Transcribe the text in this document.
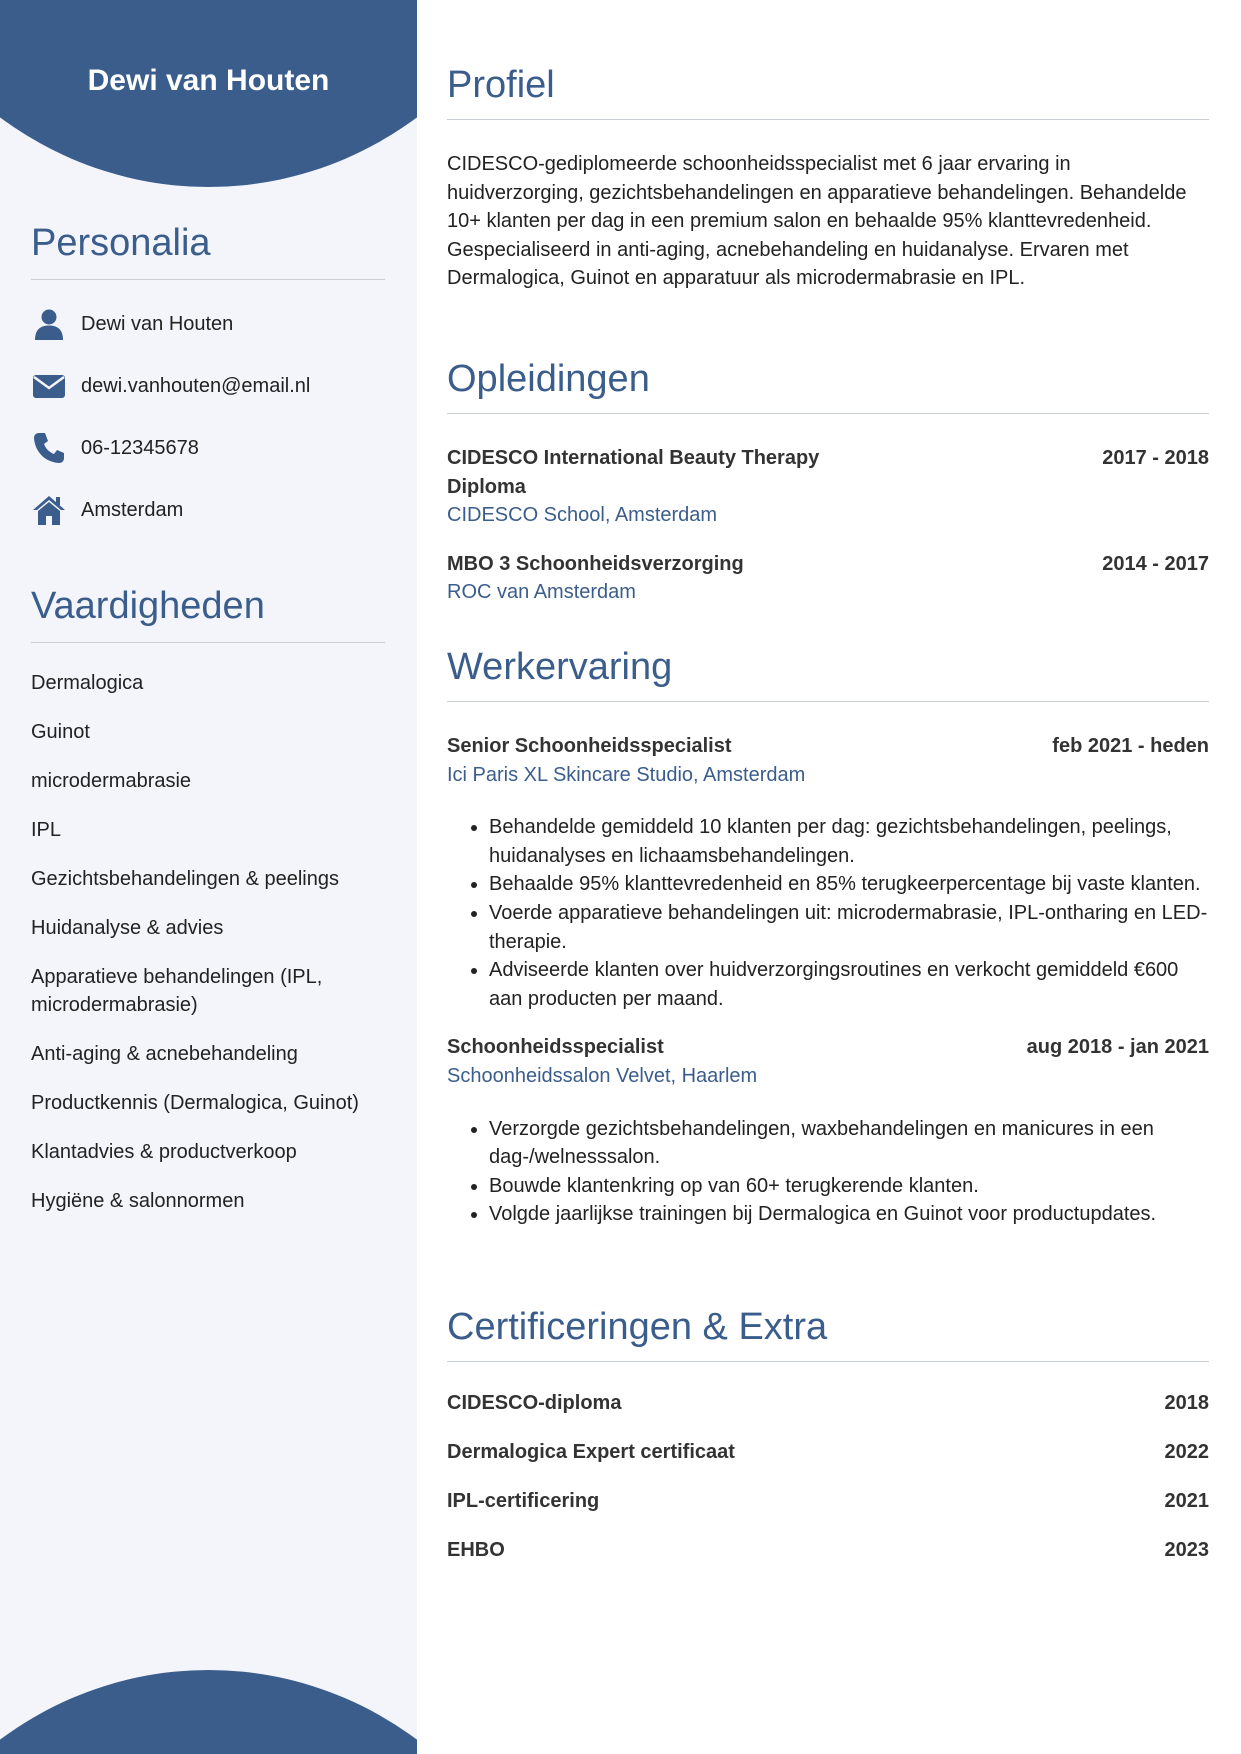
Dewi van Houten
Personalia
Dewi van Houten
dewi.vanhouten@email.nl
06-12345678
Amsterdam
Vaardigheden
Dermalogica
Guinot
microdermabrasie
IPL
Gezichtsbehandelingen & peelings
Huidanalyse & advies
Apparatieve behandelingen (IPL, microdermabrasie)
Anti-aging & acnebehandeling
Productkennis (Dermalogica, Guinot)
Klantadvies & productverkoop
Hygiëne & salonnormen
Profiel

CIDESCO-gediplomeerde schoonheidsspecialist met 6 jaar ervaring in huidverzorging, gezichtsbehandelingen en apparatieve behandelingen. Behandelde 10+ klanten per dag in een premium salon en behaalde 95% klanttevredenheid. Gespecialiseerd in anti-aging, acnebehandeling en huidanalyse. Ervaren met Dermalogica, Guinot en apparatuur als microdermabrasie en IPL.

Opleidingen
CIDESCO International Beauty Therapy Diploma
2017 - 2018
CIDESCO School, Amsterdam
MBO 3 Schoonheidsverzorging	2014 - 2017
ROC van Amsterdam
Werkervaring
Senior Schoonheidsspecialist	feb 2021 - heden
Ici Paris XL Skincare Studio, Amsterdam
• Behandelde gemiddeld 10 klanten per dag: gezichtsbehandelingen, peelings, huidanalyses en lichaamsbehandelingen.
• Behaalde 95% klanttevredenheid en 85% terugkeerpercentage bij vaste klanten.
• Voerde apparatieve behandelingen uit: microdermabrasie, IPL-ontharing en LED-therapie.
• Adviseerde klanten over huidverzorgingsroutines en verkocht gemiddeld €600 aan producten per maand.
Schoonheidsspecialist	aug 2018 - jan 2021
Schoonheidssalon Velvet, Haarlem
• Verzorgde gezichtsbehandelingen, waxbehandelingen en manicures in een dag-/welnesssalon.
• Bouwde klantenkring op van 60+ terugkerende klanten.
• Volgde jaarlijkse trainingen bij Dermalogica en Guinot voor productupdates.
Certificeringen & Extra
CIDESCO-diploma	2018
Dermalogica Expert certificaat	2022
IPL-certificering	2021
EHBO	2023
